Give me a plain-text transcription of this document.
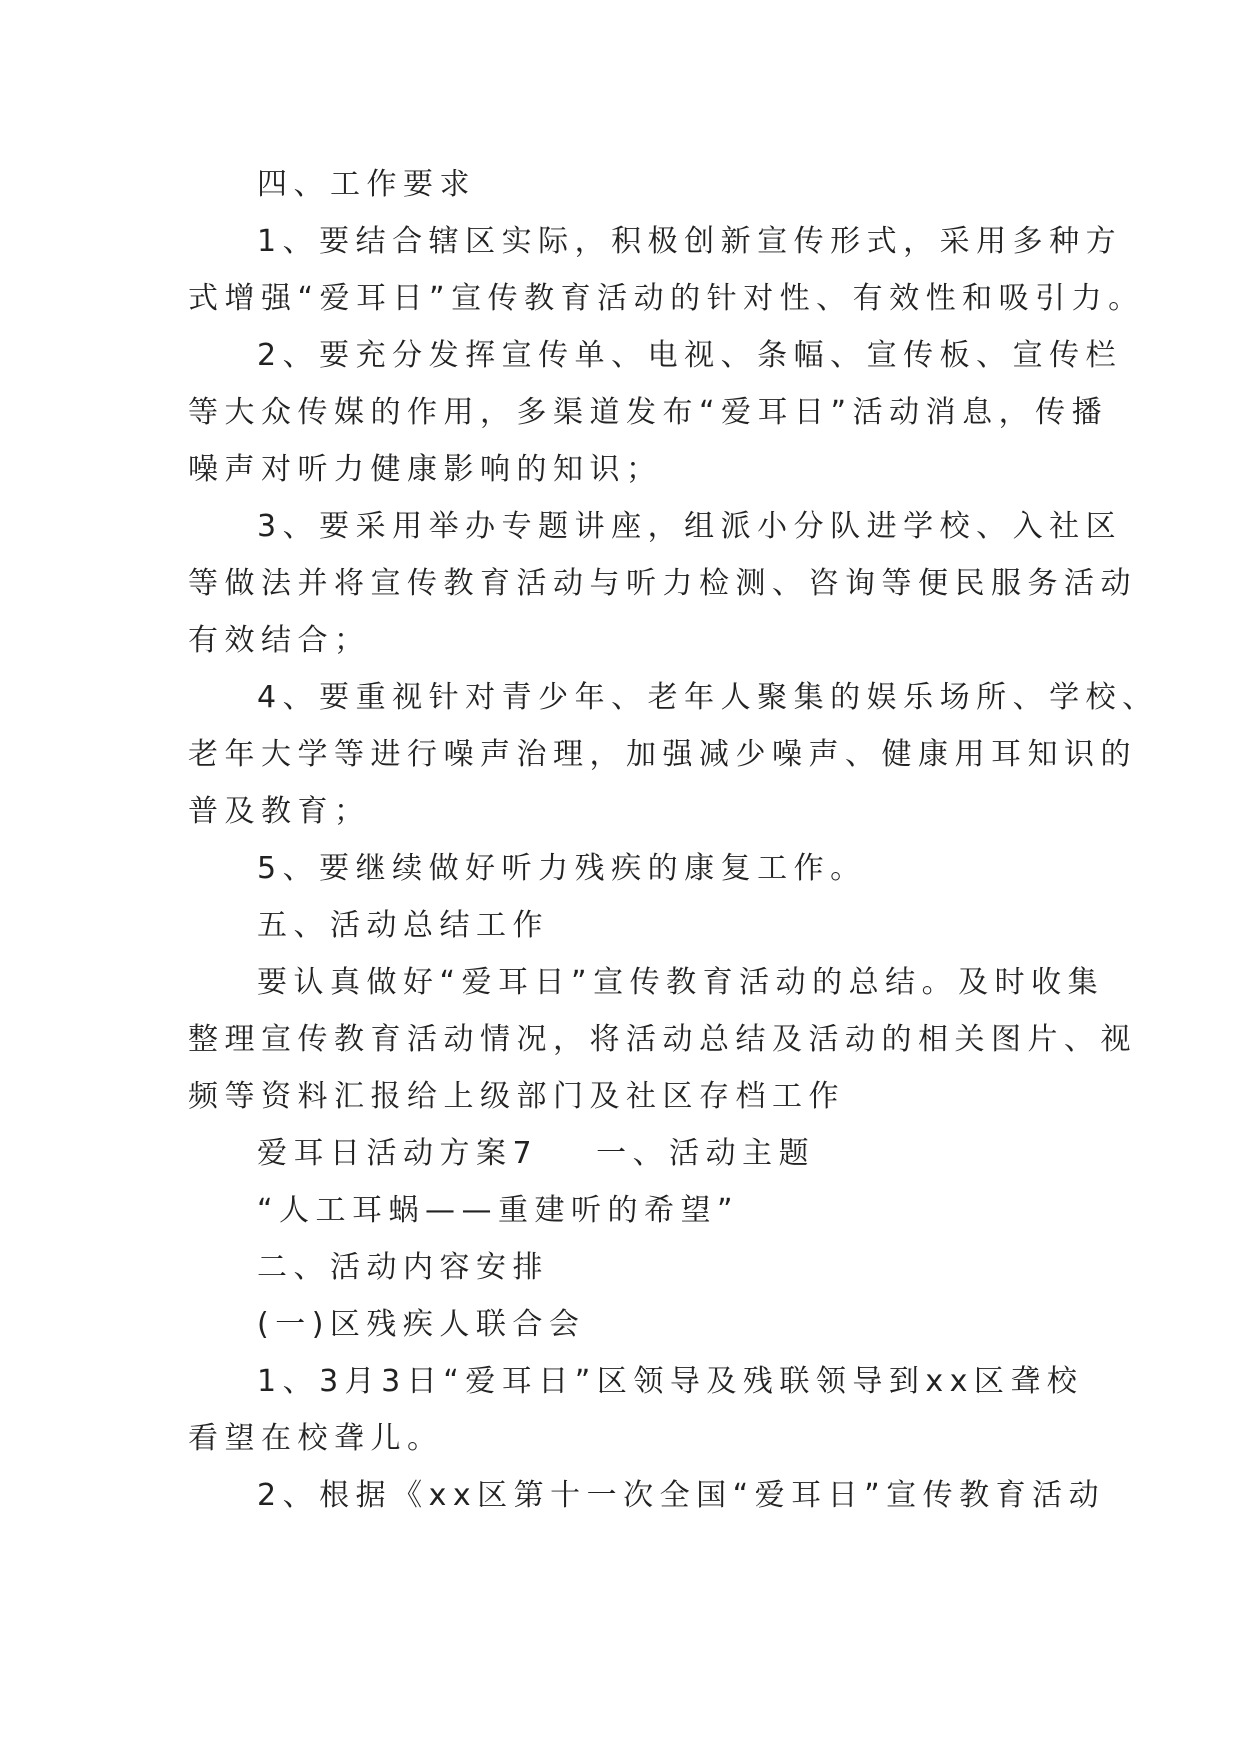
四、工作要求
1、要结合辖区实际，积极创新宣传形式，采用多种方
式增强“爱耳日”宣传教育活动的针对性、有效性和吸引力。
2、要充分发挥宣传单、电视、条幅、宣传板、宣传栏
等大众传媒的作用，多渠道发布“爱耳日”活动消息，传播
噪声对听力健康影响的知识；
3、要采用举办专题讲座，组派小分队进学校、入社区
等做法并将宣传教育活动与听力检测、咨询等便民服务活动
有效结合；
4、要重视针对青少年、老年人聚集的娱乐场所、学校、
老年大学等进行噪声治理，加强减少噪声、健康用耳知识的
普及教育；
5、要继续做好听力残疾的康复工作。
五、活动总结工作
要认真做好“爱耳日”宣传教育活动的总结。及时收集
整理宣传教育活动情况，将活动总结及活动的相关图片、视
频等资料汇报给上级部门及社区存档工作
爱耳日活动方案7 一、活动主题
“人工耳蜗——重建听的希望”
二、活动内容安排
(一)区残疾人联合会
1、3月3日“爱耳日”区领导及残联领导到xx区聋校
看望在校聋儿。
2、根据《xx区第十一次全国“爱耳日”宣传教育活动
